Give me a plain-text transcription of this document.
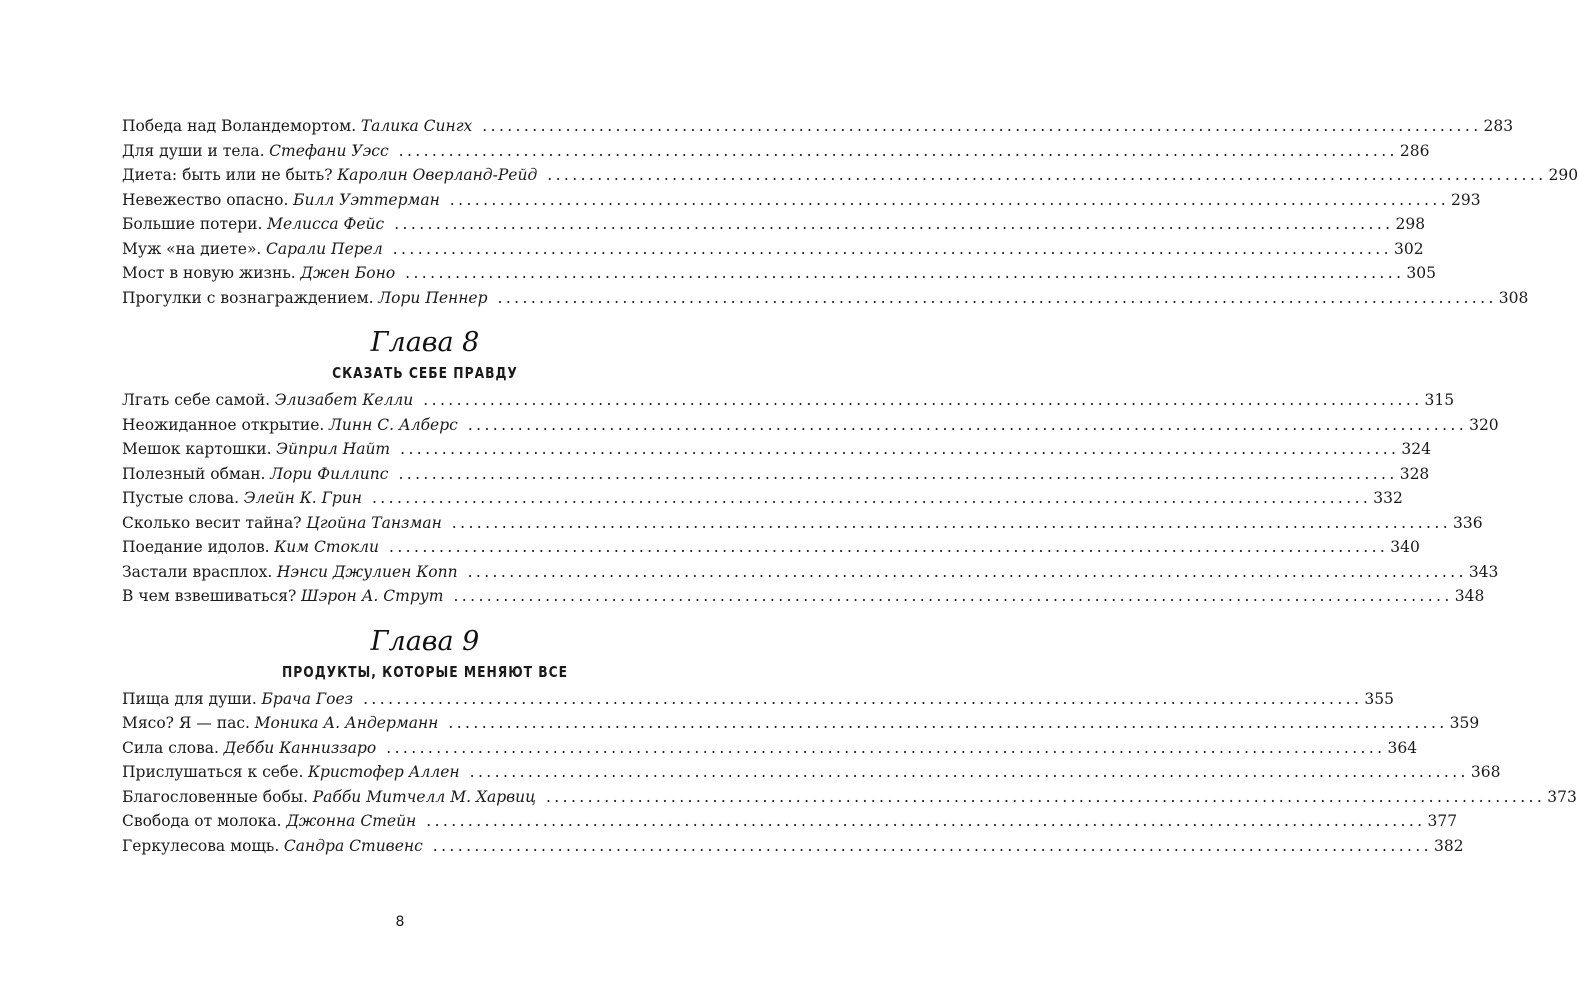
Победа над Воландемортом. Талика Сингх ........................................................................................................................ 283
Для души и тела. Стефани Уэсс ........................................................................................................................ 286
Диета: быть или не быть? Каролин Оверланд-Рейд ........................................................................................................................ 290
Невежество опасно. Билл Уэттерман ........................................................................................................................ 293
Большие потери. Мелисса Фейс ........................................................................................................................ 298
Муж «на диете». Сарали Перел ........................................................................................................................ 302
Мост в новую жизнь. Джен Боно ........................................................................................................................ 305
Прогулки с вознаграждением. Лори Пеннер ........................................................................................................................ 308
Глава 8
СКАЗАТЬ СЕБЕ ПРАВДУ
Лгать себе самой. Элизабет Келли ........................................................................................................................ 315
Неожиданное открытие. Линн С. Алберс ........................................................................................................................ 320
Мешок картошки. Эйприл Найт ........................................................................................................................ 324
Полезный обман. Лори Филлипс ........................................................................................................................ 328
Пустые слова. Элейн К. Грин ........................................................................................................................ 332
Сколько весит тайна? Цгойна Танзман ........................................................................................................................ 336
Поедание идолов. Ким Стокли ........................................................................................................................ 340
Застали врасплох. Нэнси Джулиен Копп ........................................................................................................................ 343
В чем взвешиваться? Шэрон А. Струт ........................................................................................................................ 348
Глава 9
ПРОДУКТЫ, КОТОРЫЕ МЕНЯЮТ ВСЕ
Пища для души. Брача Гоез ........................................................................................................................ 355
Мясо? Я — пас. Моника А. Андерманн ........................................................................................................................ 359
Сила слова. Дебби Канниззаро ........................................................................................................................ 364
Прислушаться к себе. Кристофер Аллен ........................................................................................................................ 368
Благословенные бобы. Рабби Митчелл М. Харвиц ........................................................................................................................ 373
Свобода от молока. Джонна Стейн ........................................................................................................................ 377
Геркулесова мощь. Сандра Стивенс ........................................................................................................................ 382
8
